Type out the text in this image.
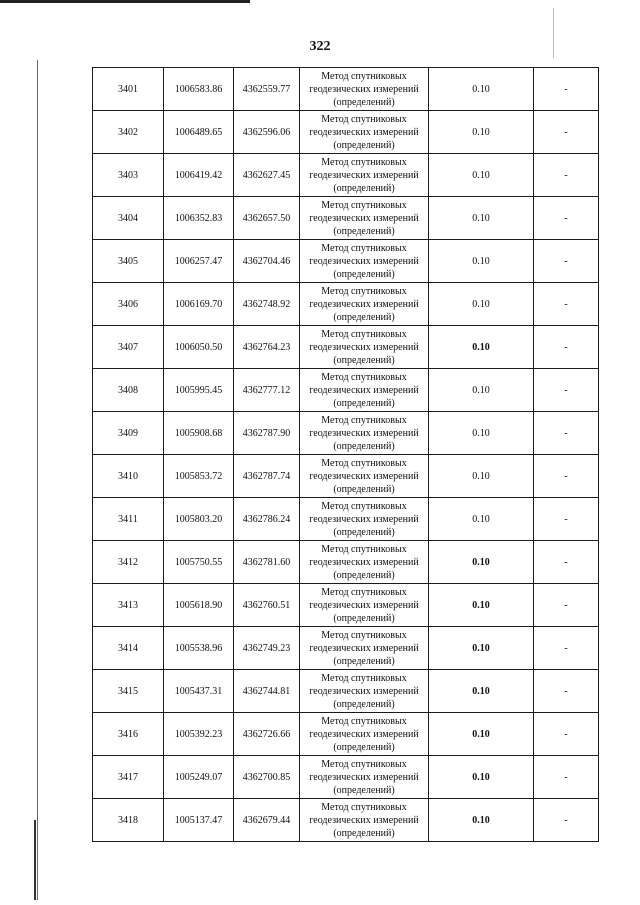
322
3401	1006583.86	4362559.77	Метод спутниковых
геодезических измерений
(определений)	0.10	-
3402	1006489.65	4362596.06	Метод спутниковых
геодезических измерений
(определений)	0.10	-
3403	1006419.42	4362627.45	Метод спутниковых
геодезических измерений
(определений)	0.10	-
3404	1006352.83	4362657.50	Метод спутниковых
геодезических измерений
(определений)	0.10	-
3405	1006257.47	4362704.46	Метод спутниковых
геодезических измерений
(определений)	0.10	-
3406	1006169.70	4362748.92	Метод спутниковых
геодезических измерений
(определений)	0.10	-
3407	1006050.50	4362764.23	Метод спутниковых
геодезических измерений
(определений)	0.10	-
3408	1005995.45	4362777.12	Метод спутниковых
геодезических измерений
(определений)	0.10	-
3409	1005908.68	4362787.90	Метод спутниковых
геодезических измерений
(определений)	0.10	-
3410	1005853.72	4362787.74	Метод спутниковых
геодезических измерений
(определений)	0.10	-
3411	1005803.20	4362786.24	Метод спутниковых
геодезических измерений
(определений)	0.10	-
3412	1005750.55	4362781.60	Метод спутниковых
геодезических измерений
(определений)	0.10	-
3413	1005618.90	4362760.51	Метод спутниковых
геодезических измерений
(определений)	0.10	-
3414	1005538.96	4362749.23	Метод спутниковых
геодезических измерений
(определений)	0.10	-
3415	1005437.31	4362744.81	Метод спутниковых
геодезических измерений
(определений)	0.10	-
3416	1005392.23	4362726.66	Метод спутниковых
геодезических измерений
(определений)	0.10	-
3417	1005249.07	4362700.85	Метод спутниковых
геодезических измерений
(определений)	0.10	-
3418	1005137.47	4362679.44	Метод спутниковых
геодезических измерений
(определений)	0.10	-
